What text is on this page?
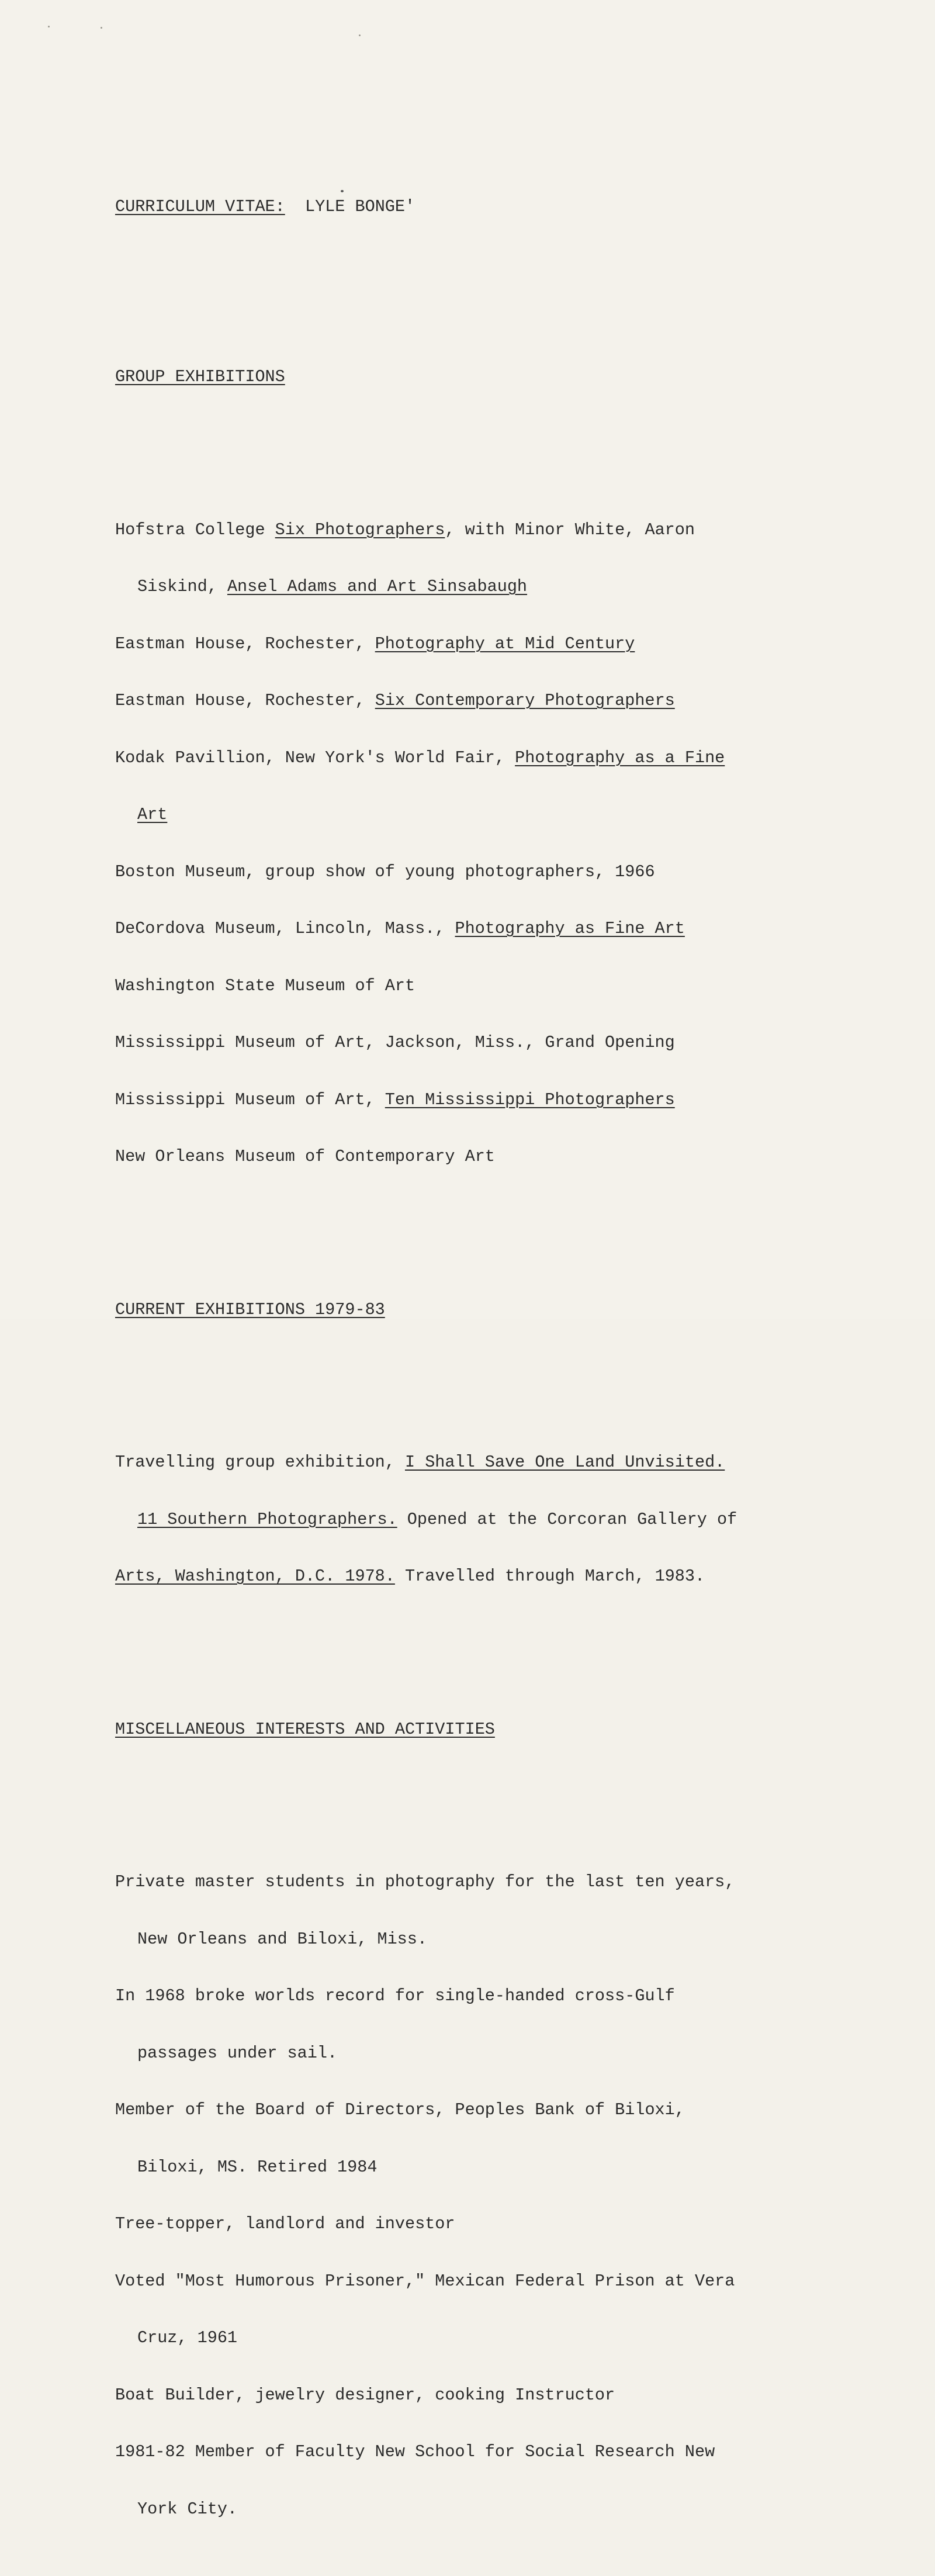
CURRICULUM VITAE: LYLE BONGE'

GROUP EXHIBITIONS

Hofstra College Six Photographers, with Minor White, Aaron

Siskind, Ansel Adams and Art Sinsabaugh

Eastman House, Rochester, Photography at Mid Century

Eastman House, Rochester, Six Contemporary Photographers

Kodak Pavillion, New York's World Fair, Photography as a Fine

Art

Boston Museum, group show of young photographers, 1966

DeCordova Museum, Lincoln, Mass., Photography as Fine Art

Washington State Museum of Art

Mississippi Museum of Art, Jackson, Miss., Grand Opening

Mississippi Museum of Art, Ten Mississippi Photographers

New Orleans Museum of Contemporary Art

CURRENT EXHIBITIONS 1979-83

Travelling group exhibition, I Shall Save One Land Unvisited.

11 Southern Photographers. Opened at the Corcoran Gallery of

Arts, Washington, D.C. 1978. Travelled through March, 1983.

MISCELLANEOUS INTERESTS AND ACTIVITIES

Private master students in photography for the last ten years,

New Orleans and Biloxi, Miss.

In 1968 broke worlds record for single-handed cross-Gulf

passages under sail.

Member of the Board of Directors, Peoples Bank of Biloxi,

Biloxi, MS. Retired 1984

Tree-topper, landlord and investor

Voted "Most Humorous Prisoner," Mexican Federal Prison at Vera

Cruz, 1961

Boat Builder, jewelry designer, cooking Instructor

1981-82 Member of Faculty New School for Social Research New

York City.
